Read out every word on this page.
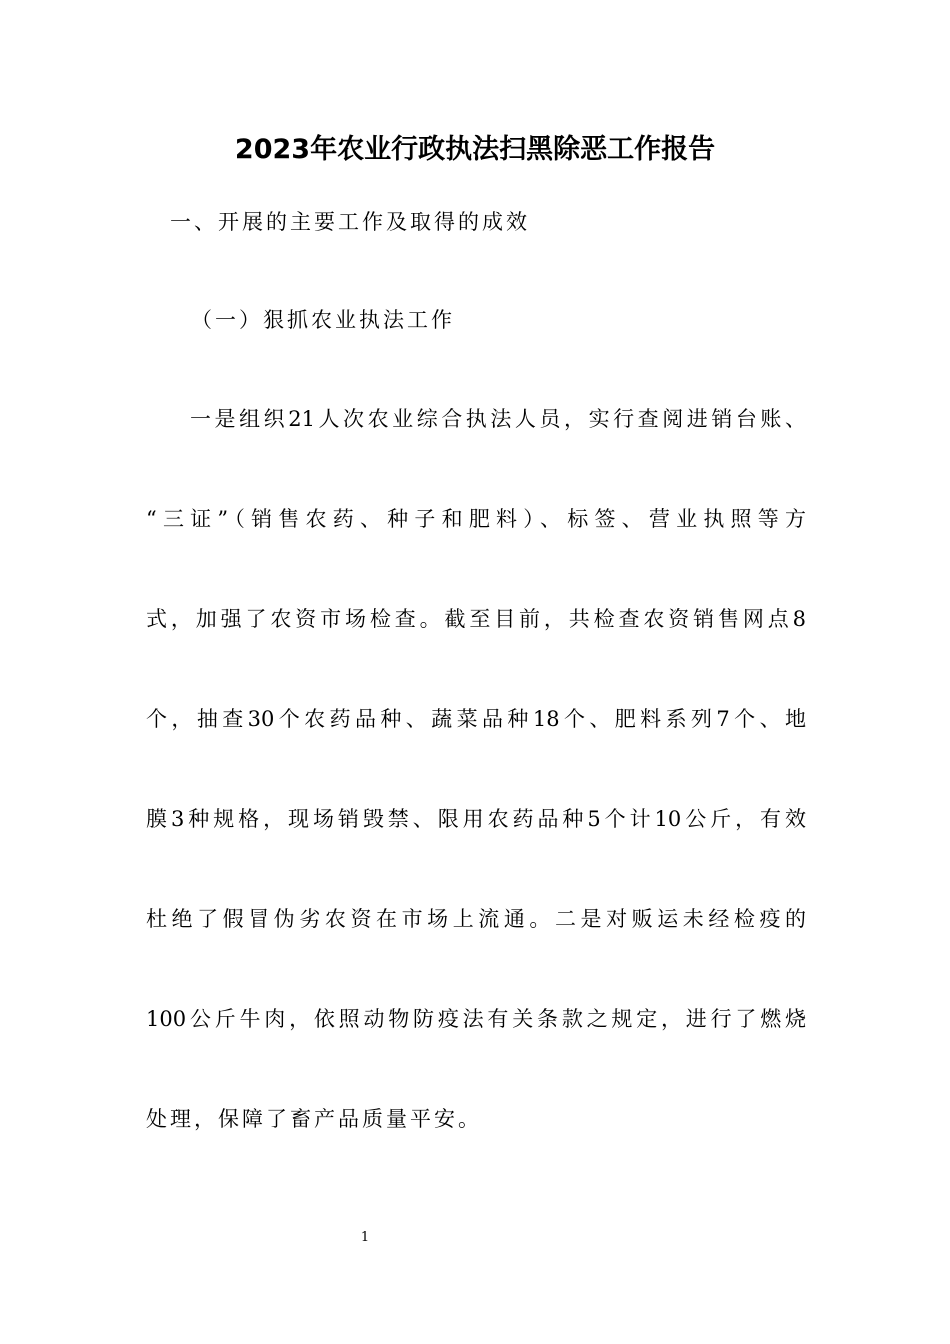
2023年农业行政执法扫黑除恶工作报告

一、开展的主要工作及取得的成效

（一）狠抓农业执法工作

一是组织21人次农业综合执法人员，实行查阅进销台账、

“三证”（销售农药、种子和肥料）、标签、营业执照等方

式，加强了农资市场检查。截至目前，共检查农资销售网点8

个，抽查30个农药品种、蔬菜品种18个、肥料系列7个、地

膜3种规格，现场销毁禁、限用农药品种5个计10公斤，有效

杜绝了假冒伪劣农资在市场上流通。二是对贩运未经检疫的

100公斤牛肉，依照动物防疫法有关条款之规定，进行了燃烧

处理，保障了畜产品质量平安。

1
